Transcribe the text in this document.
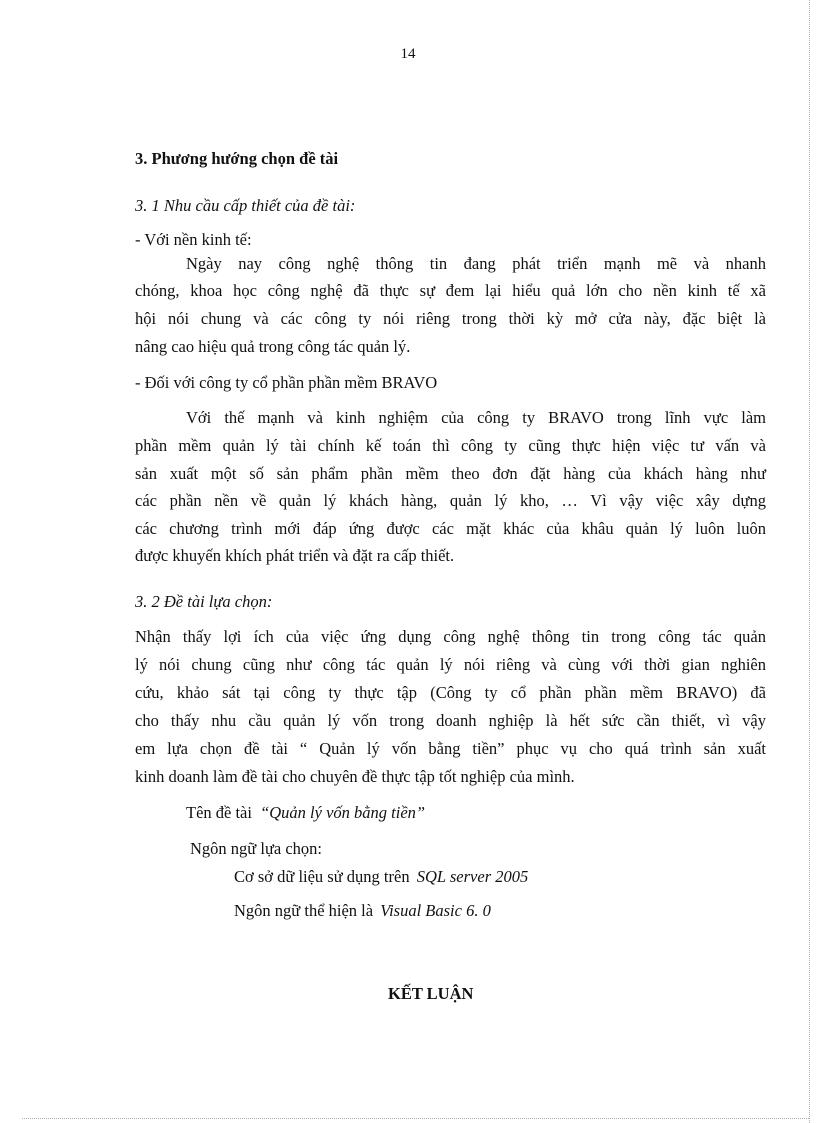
14
3. Phương hướng chọn đề tài
3. 1 Nhu cầu cấp thiết của đề tài:
- Với nền kinh tế:
Ngày nay công nghệ thông tin đang phát triển mạnh mẽ và nhanh
chóng, khoa học công nghệ đã thực sự đem lại hiểu quả lớn cho nền kinh tế xã
hội nói chung và các công ty nói riêng trong thời kỳ mở cửa này, đặc biệt là
nâng cao hiệu quả trong công tác quản lý.
- Đối với công ty cổ phần phần mềm BRAVO
Với thế mạnh và kinh nghiệm của công ty BRAVO trong lĩnh vực làm
phần mềm quản lý tài chính kế toán thì công ty cũng thực hiện việc tư vấn và
sản xuất một số sản phẩm phần mềm theo đơn đặt hàng của khách hàng như
các phần nền về quản lý khách hàng, quản lý kho, … Vì vậy việc xây dựng
các chương trình mới đáp ứng được các mặt khác của khâu quản lý luôn luôn
được khuyến khích phát triển và đặt ra cấp thiết.
3. 2 Đề tài lựa chọn:
Nhận thấy lợi ích của việc ứng dụng công nghệ thông tin trong công tác quản
lý nói chung cũng như công tác quản lý nói riêng và cùng với thời gian nghiên
cứu, khảo sát tại công ty thực tập (Công ty cổ phần phần mềm BRAVO) đã
cho thấy nhu cầu quản lý vốn trong doanh nghiệp là hết sức cần thiết, vì vậy
em lựa chọn đề tài “ Quản lý vốn bằng tiền” phục vụ cho quá trình sản xuất
kinh doanh làm đề tài cho chuyên đề thực tập tốt nghiệp của mình.
Tên đề tài “Quản lý vốn bằng tiền”
Ngôn ngữ lựa chọn:
Cơ sở dữ liệu sử dụng trên SQL server 2005
Ngôn ngữ thể hiện là Visual Basic 6. 0
KẾT LUẬN
